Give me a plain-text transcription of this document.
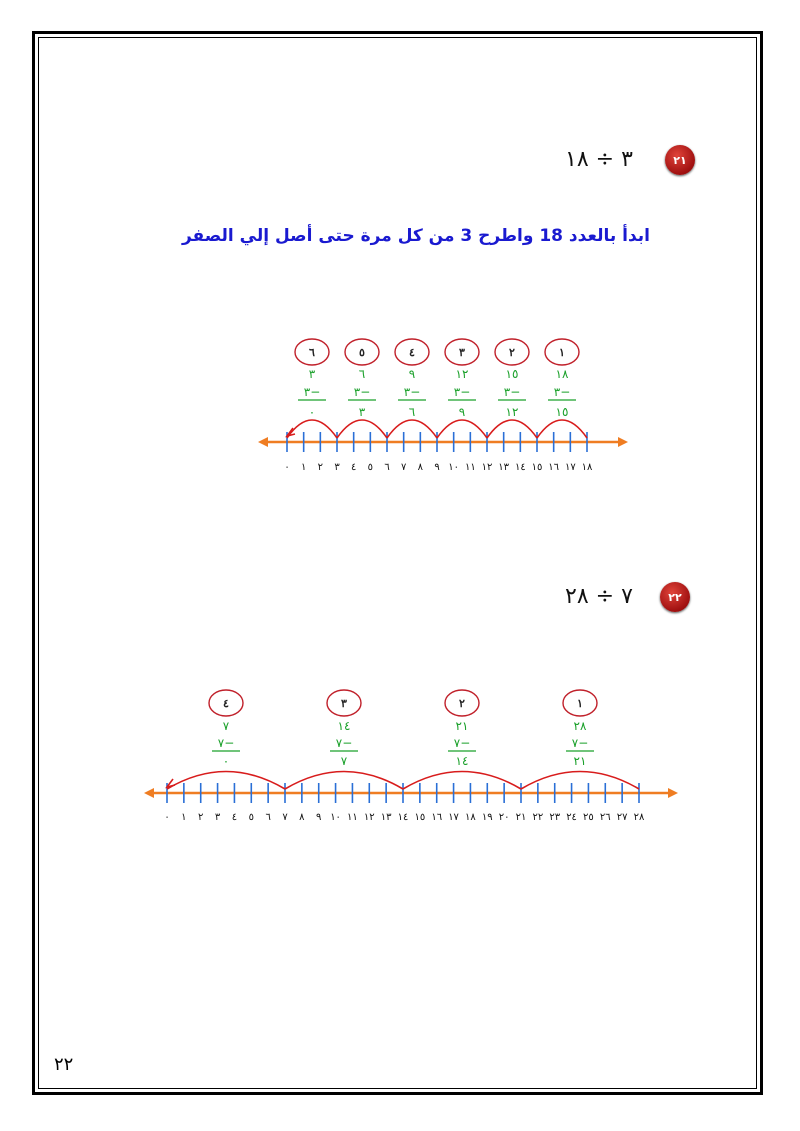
٢١
٣ ÷ ١٨
ابدأ بالعدد 18 واطرح 3 من كل مرة حتى أصل إلي الصفر
٢٢
٧ ÷ ٢٨
٠ ١ ٢ ٣ ٤ ٥ ٦ ٧ ٨ ٩ ١٠ ١١ ١٢ ١٣ ١٤ ١٥ ١٦ ١٧ ١٨
١
١٨
٣−
١٥
٢
١٥
٣−
١٢
٣
١٢
٣−
٩
٤
٩
٣−
٦
٥
٦
٣−
٣
٦
٣
٣−
٠
٠ ١ ٢ ٣ ٤ ٥ ٦ ٧ ٨ ٩ ١٠ ١١ ١٢ ١٣ ١٤ ١٥ ١٦ ١٧ ١٨ ١٩ ٢٠ ٢١ ٢٢ ٢٣ ٢٤ ٢٥ ٢٦ ٢٧ ٢٨
١
٢٨
٧−
٢١
٢
٢١
٧−
١٤
٣
١٤
٧−
٧
٤
٧
٧−
٠
٢٢
